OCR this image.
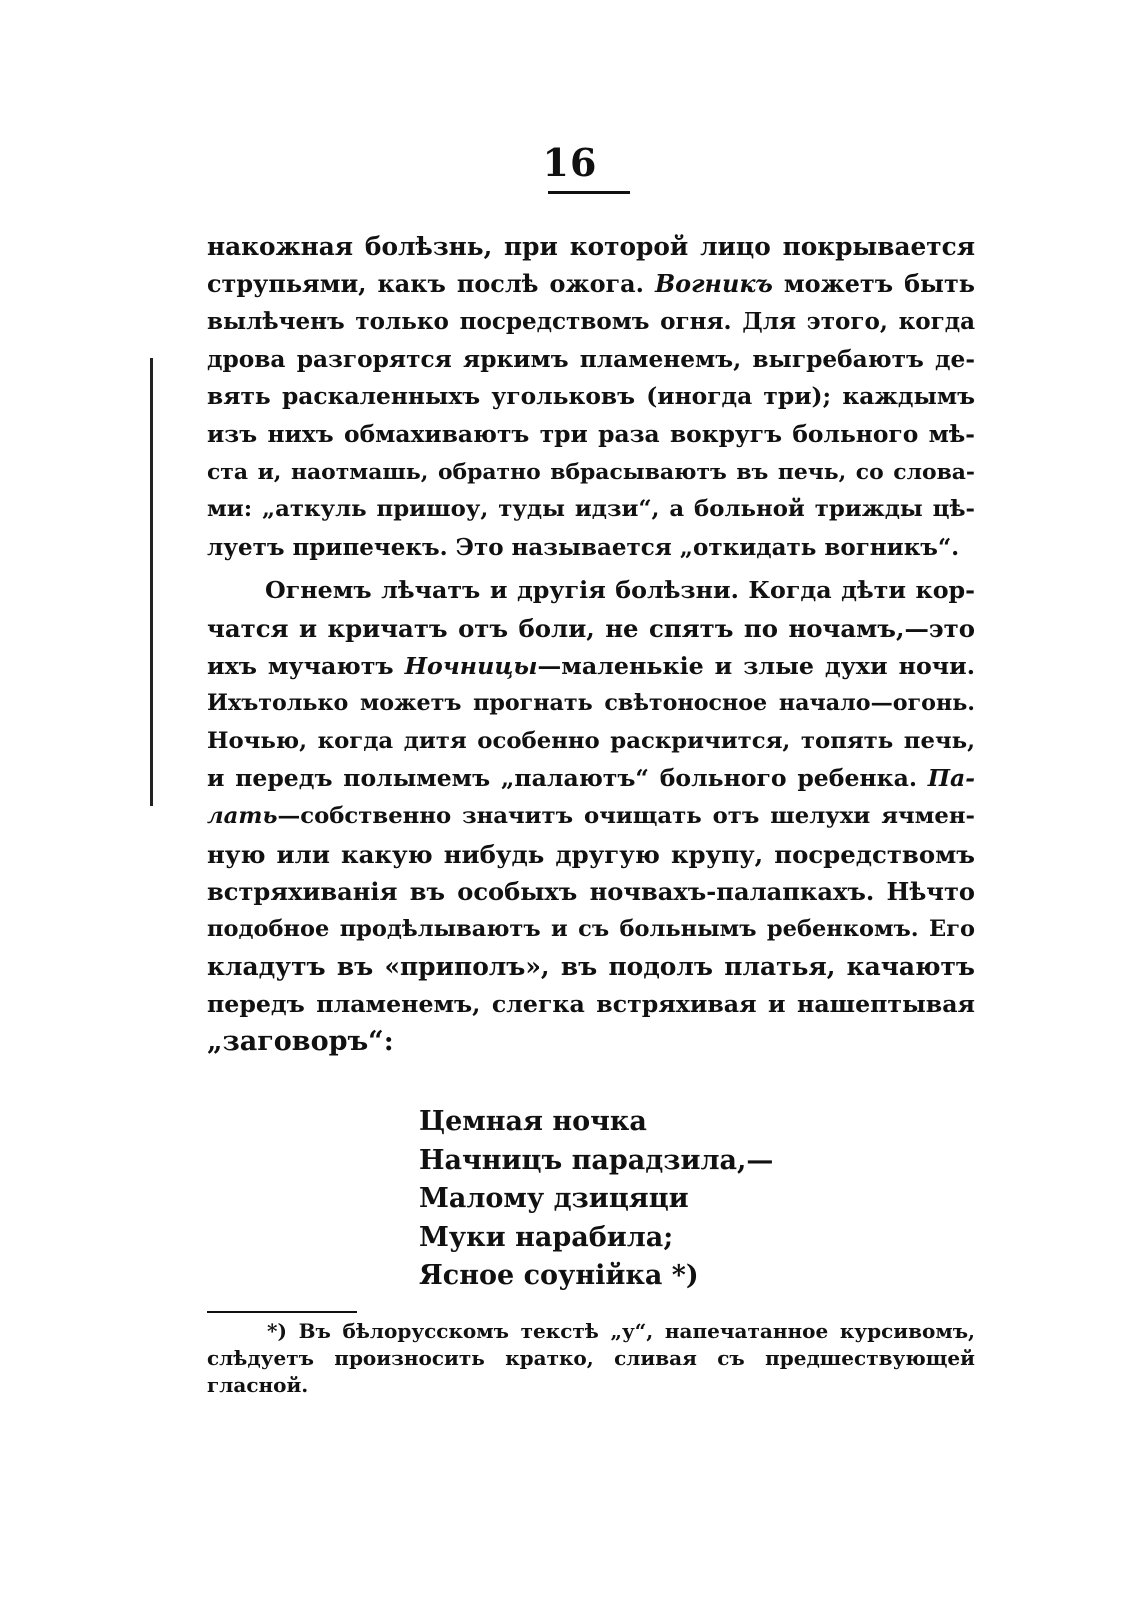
16
накожная болѣзнь, при которой лицо покрывается
струпьями, какъ послѣ ожога. Вогникъ можетъ быть
вылѣченъ только посредствомъ огня. Для этого, когда
дрова разгорятся яркимъ пламенемъ, выгребаютъ де-
вять раскаленныхъ угольковъ (иногда три); каждымъ
изъ нихъ обмахиваютъ три раза вокругъ больного мѣ-
ста и, наотмашь, обратно вбрасываютъ въ печь, со слова-
ми: „аткуль пришоу, туды идзи“, а больной трижды цѣ-
луетъ припечекъ. Это называется „откидать вогникъ“.
Огнемъ лѣчатъ и другія болѣзни. Когда дѣти кор-
чатся и кричатъ отъ боли, не спятъ по ночамъ,—это
ихъ мучаютъ Ночницы—маленькіе и злые духи ночи.
Ихътолько можетъ прогнать свѣтоносное начало—огонь.
Ночью, когда дитя особенно раскричится, топять печь,
и передъ полымемъ „палаютъ“ больного ребенка. Па-
лать—собственно значитъ очищать отъ шелухи ячмен-
ную или какую нибудь другую крупу, посредствомъ
встряхиванія въ особыхъ ночвахъ-палапкахъ. Нѣчто
подобное продѣлываютъ и съ больнымъ ребенкомъ. Его
кладутъ въ «приполъ», въ подолъ платья, качаютъ
передъ пламенемъ, слегка встряхивая и нашептывая
„заговоръ“:
Цемная ночка
Начницъ парадзила,—
Малому дзицяци
Муки нарабила;
Ясное соунійка *)
*) Въ бѣлорусскомъ текстѣ „у“, напечатанное курсивомъ,
слѣдуетъ произносить кратко, сливая съ предшествующей
гласной.
